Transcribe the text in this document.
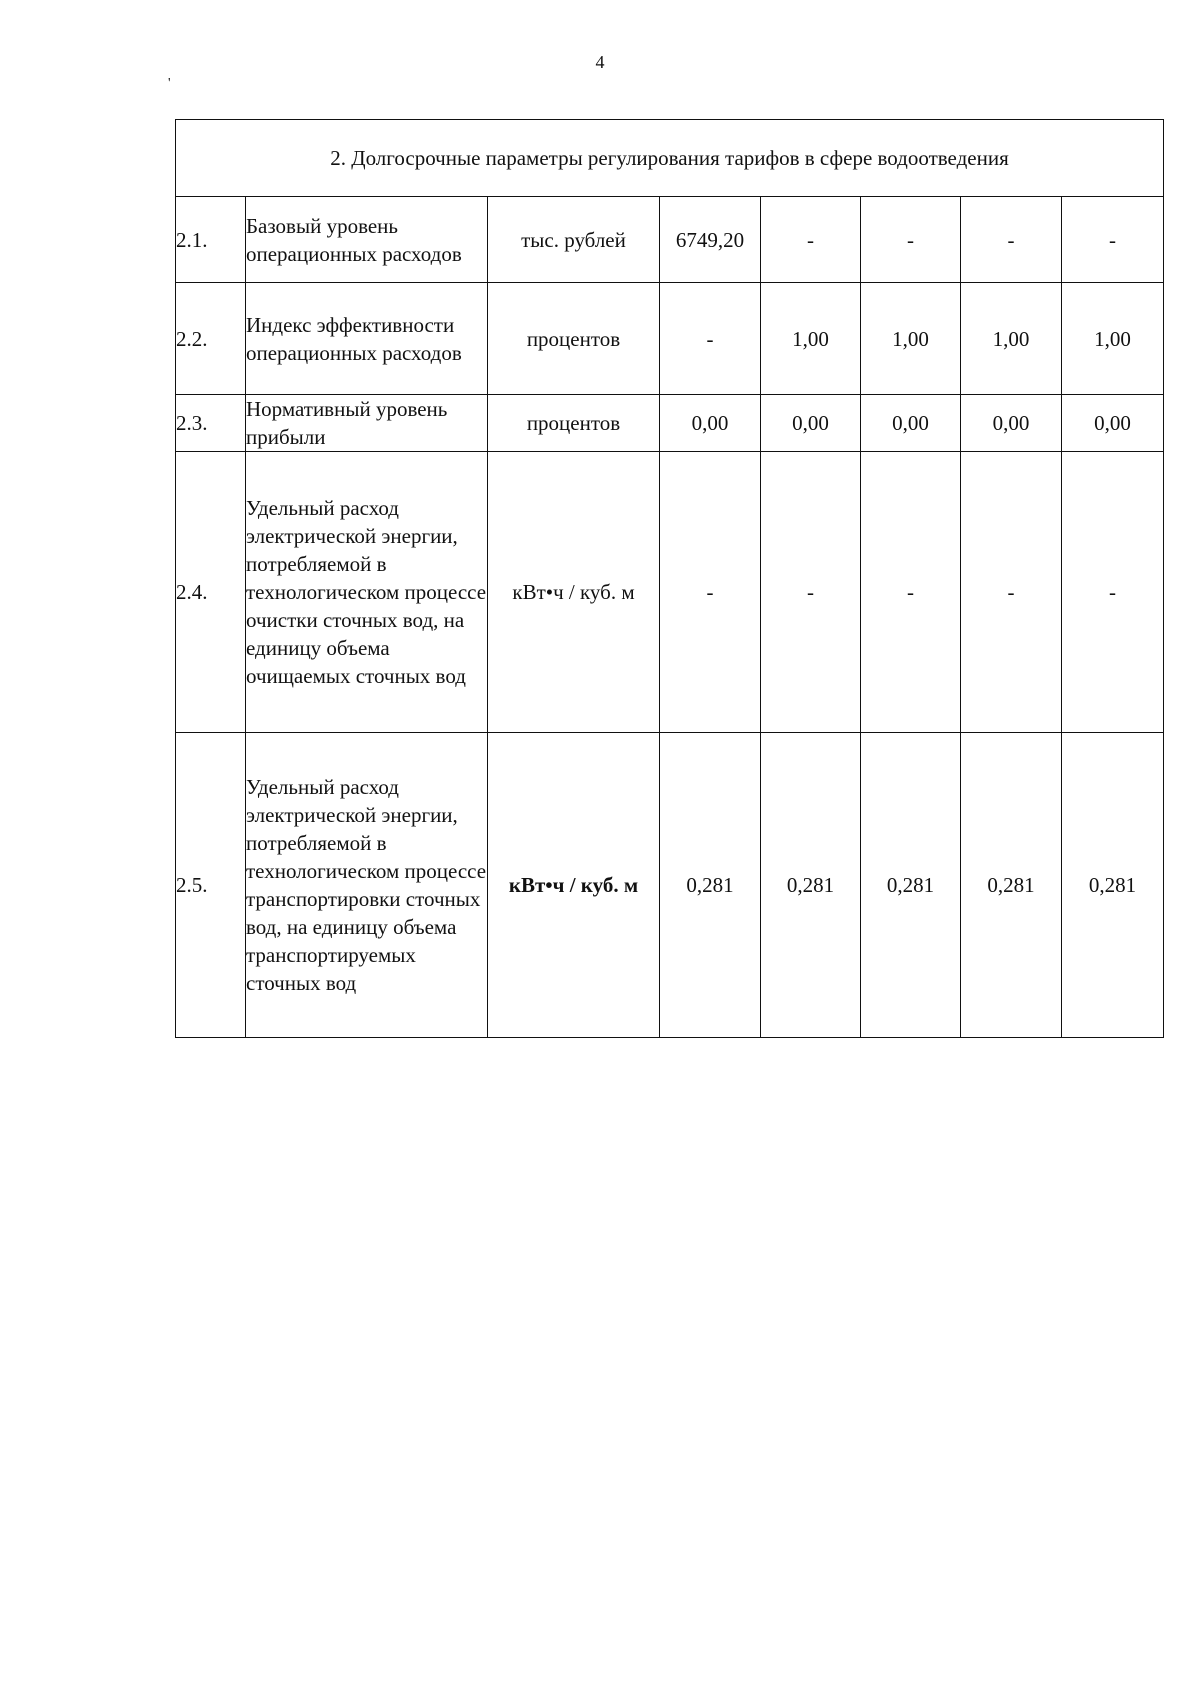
4
'
2. Долгосрочные параметры регулирования тарифов в сфере водоотведения							
2.1.	Базовый уровень операционных расходов	тыс. рублей	6749,20	-	-	-	-
2.2.	Индекс эффективности операционных расходов	процентов	-	1,00	1,00	1,00	1,00
2.3.	Нормативный уровень прибыли	процентов	0,00	0,00	0,00	0,00	0,00
2.4.	Удельный расход электрической энергии, потребляемой в технологическом процессе очистки сточных вод, на единицу объема очищаемых сточных вод	кВт•ч / куб. м	-	-	-	-	-
2.5.	Удельный расход электрической энергии, потребляемой в технологическом процессе транспортировки сточных вод, на единицу объема транспортируемых сточных вод	кВт•ч / куб. м	0,281	0,281	0,281	0,281	0,281
